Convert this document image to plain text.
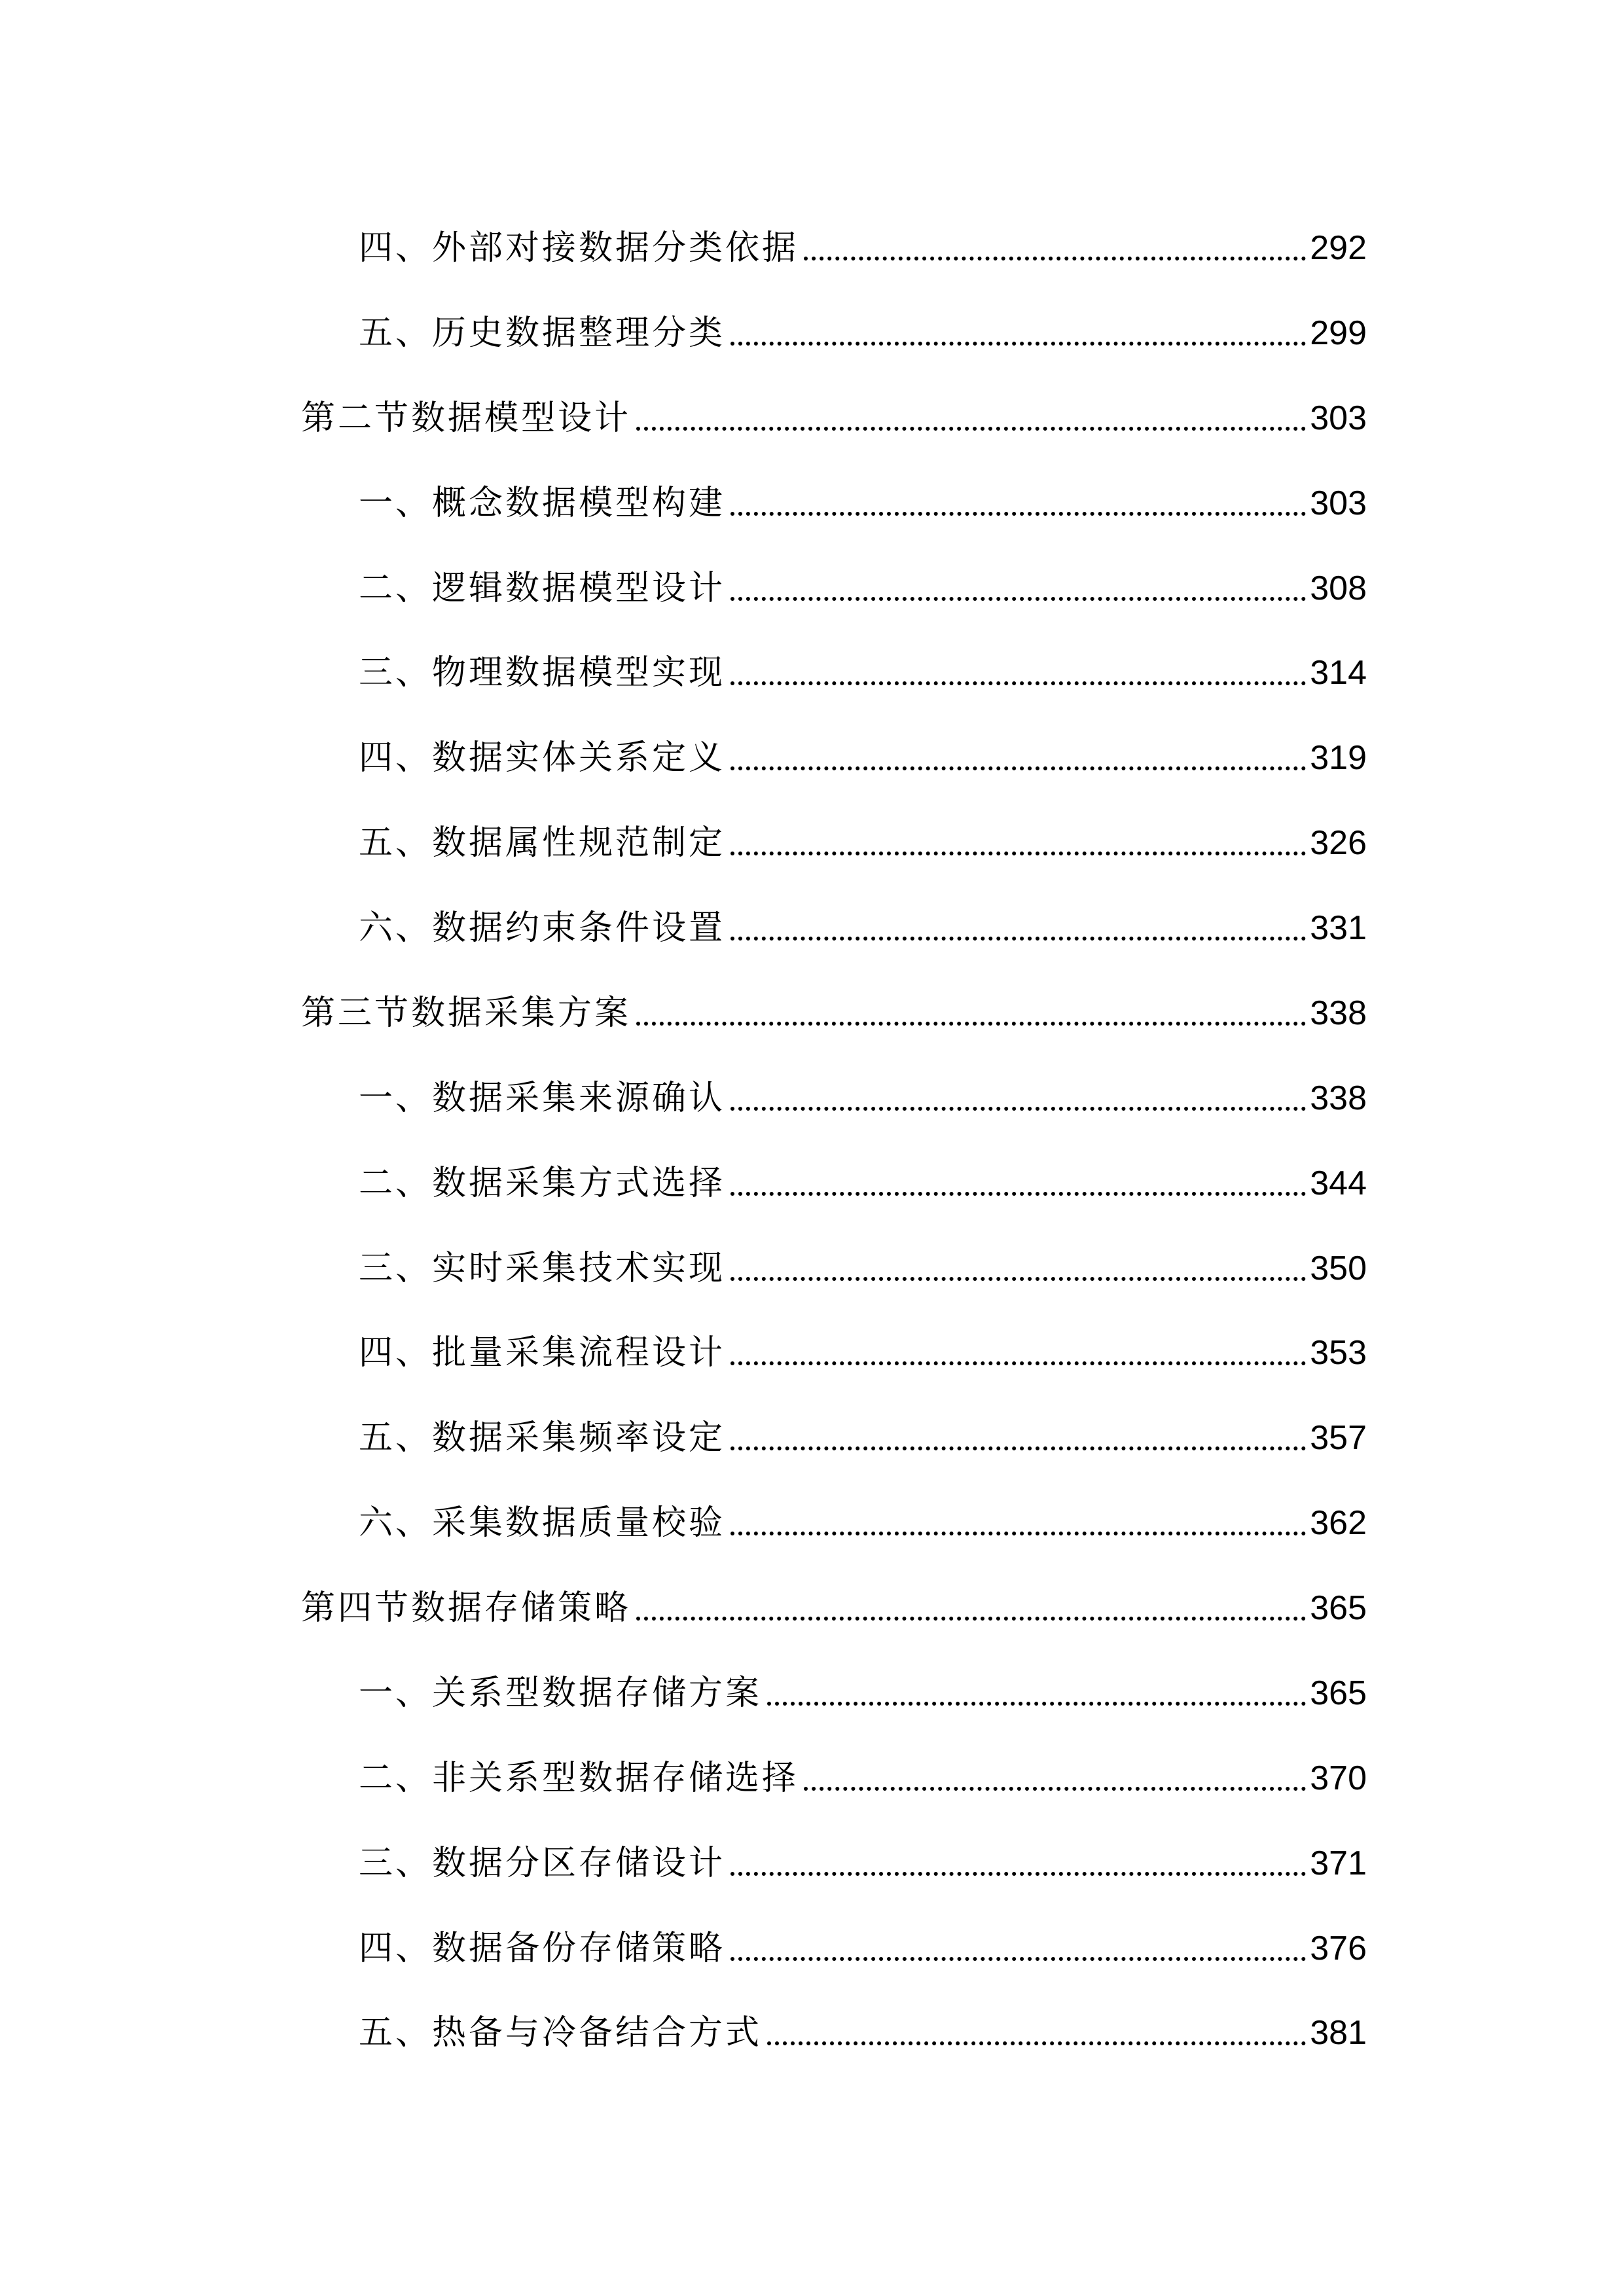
四、外部对接数据分类依据	292
五、历史数据整理分类	299
第二节数据模型设计	303
一、概念数据模型构建	303
二、逻辑数据模型设计	308
三、物理数据模型实现	314
四、数据实体关系定义	319
五、数据属性规范制定	326
六、数据约束条件设置	331
第三节数据采集方案	338
一、数据采集来源确认	338
二、数据采集方式选择	344
三、实时采集技术实现	350
四、批量采集流程设计	353
五、数据采集频率设定	357
六、采集数据质量校验	362
第四节数据存储策略	365
一、关系型数据存储方案	365
二、非关系型数据存储选择	370
三、数据分区存储设计	371
四、数据备份存储策略	376
五、热备与冷备结合方式	381
